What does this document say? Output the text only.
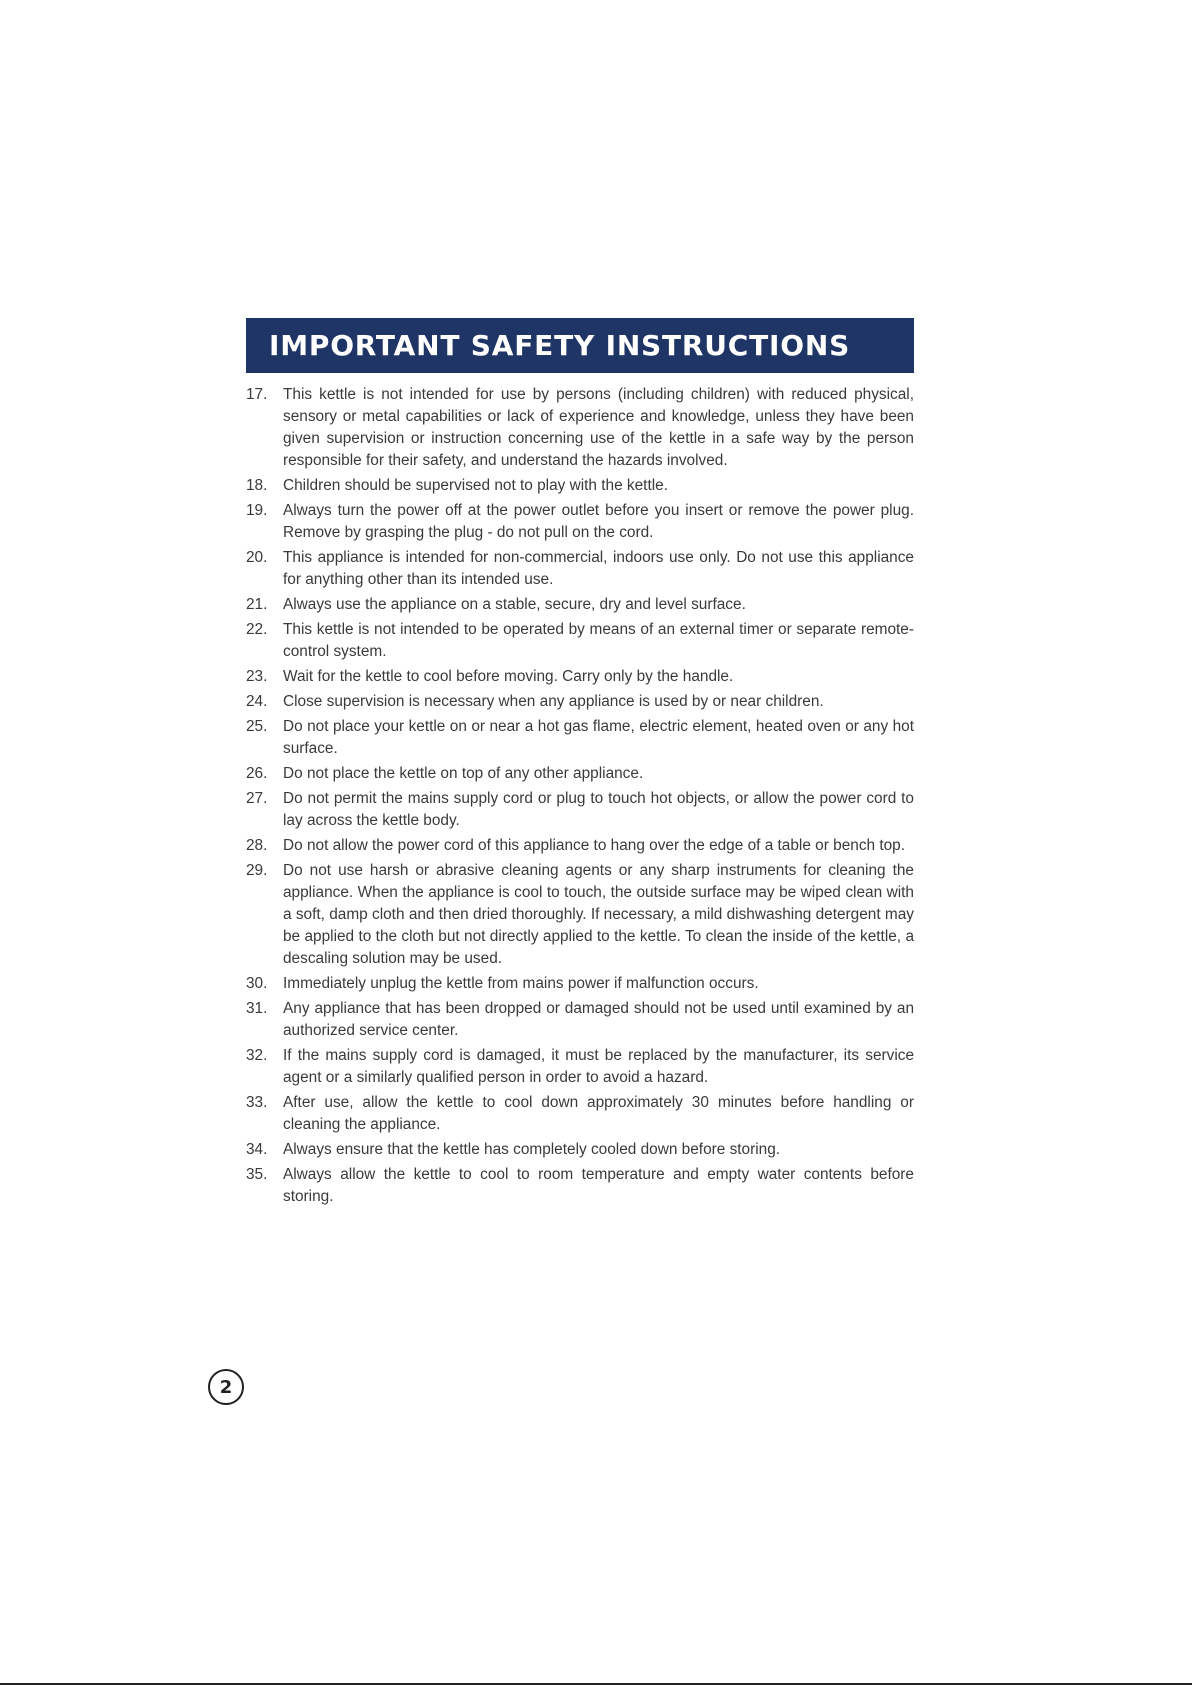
IMPORTANT SAFETY INSTRUCTIONS
17.	This kettle is not intended for use by persons (including children) with reduced physical, sensory or metal capabilities or lack of experience and knowledge, unless they have been given supervision or instruction concerning use of the kettle in a safe way by the person responsible for their safety, and understand the hazards involved.
18.	Children should be supervised not to play with the kettle.
19.	Always turn the power off at the power outlet before you insert or remove the power plug. Remove by grasping the plug - do not pull on the cord.
20.	This appliance is intended for non-commercial, indoors use only. Do not use this appliance for anything other than its intended use.
21.	Always use the appliance on a stable, secure, dry and level surface.
22.	This kettle is not intended to be operated by means of an external timer or separate remote-control system.
23.	Wait for the kettle to cool before moving. Carry only by the handle.
24.	Close supervision is necessary when any appliance is used by or near children.
25.	Do not place your kettle on or near a hot gas flame, electric element, heated oven or any hot surface.
26.	Do not place the kettle on top of any other appliance.
27.	Do not permit the mains supply cord or plug to touch hot objects, or allow the power cord to lay across the kettle body.
28.	Do not allow the power cord of this appliance to hang over the edge of a table or bench top.
29.	Do not use harsh or abrasive cleaning agents or any sharp instruments for cleaning the appliance. When the appliance is cool to touch, the outside surface may be wiped clean with a soft, damp cloth and then dried thoroughly. If necessary, a mild dishwashing detergent may be applied to the cloth but not directly applied to the kettle. To clean the inside of the kettle, a descaling solution may be used.
30.	Immediately unplug the kettle from mains power if malfunction occurs.
31.	Any appliance that has been dropped or damaged should not be used until examined by an authorized service center.
32.	If the mains supply cord is damaged, it must be replaced by the manufacturer, its service agent or a similarly qualified person in order to avoid a hazard.
33.	After use, allow the kettle to cool down approximately 30 minutes before handling or cleaning the appliance.
34.	Always ensure that the kettle has completely cooled down before storing.
35.	Always allow the kettle to cool to room temperature and empty water contents before storing.
2
